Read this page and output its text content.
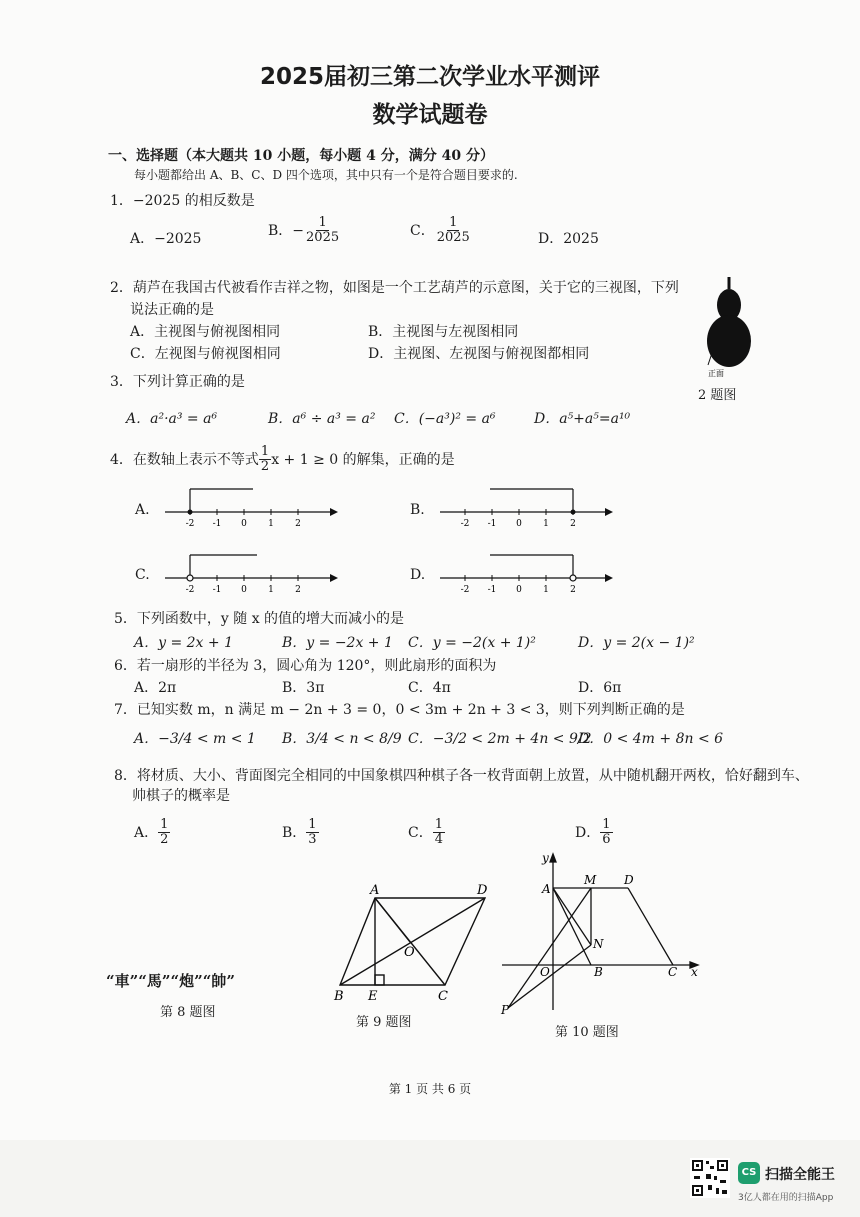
2025届初三第二次学业水平测评
数学试题卷
一、选择题（本大题共 10 小题，每小题 4 分，满分 40 分）
每小题都给出 A、B、C、D 四个选项，其中只有一个是符合题目要求的.
1．−2025 的相反数是
A．−2025
B．− $\frac{1}{2025}$	C． $\frac{1}{2025}$	D．2025
2．葫芦在我国古代被看作吉祥之物，如图是一个工艺葫芦的示意图，关于它的三视图，下列
说法正确的是
A．主视图与俯视图相同	B．主视图与左视图相同
C．左视图与俯视图相同	D．主视图、左视图与俯视图都相同
正面
2 题图
3．下列计算正确的是
A．a²·a³ = a⁶	B．a⁶ ÷ a³ = a² C．(−a³)² = a⁶	D．a⁵+a⁵=a¹⁰
4．在数轴上表示不等式 $\frac{1}{2}$ x + 1 ≥ 0 的解集，正确的是
A.
-2 -1 0 1 2
B.
-2 -1 0 1 2
C.
-2 -1 0 1 2
D.
-2 -1 0 1 2
5．下列函数中，y 随 x 的值的增大而减小的是
A．y = 2x + 1	B．y = −2x + 1 C．y = −2(x + 1)²	D．y = 2(x − 1)²
6．若一扇形的半径为 3，圆心角为 120°，则此扇形的面积为
A．2π	B．3π	C．4π	D．6π
7．已知实数 m，n 满足 m − 2n + 3 = 0，0 < 3m + 2n + 3 < 3，则下列判断正确的是
A．−3/4 < m < 1 B．3/4 < n < 8/9 C．−3/2 < 2m + 4n < 9/2
D．0 < 4m + 8n < 6
8．将材质、大小、背面图完全相同的中国象棋四种棋子各一枚背面朝上放置，从中随机翻开两枚，恰好翻到车、
帅棋子的概率是
A． $\frac{1}{2}$	B． $\frac{1}{3}$	C． $\frac{1}{4}$	D． $\frac{1}{6}$
“車”“馬”“炮”“帥”
第 8 题图
A	D
B E	C
O
第 9 题图
y
A
M D
N
O	B	C x
P
第 10 题图
第 1 页 共 6 页
CS 扫描全能王
3亿人都在用的扫描App
